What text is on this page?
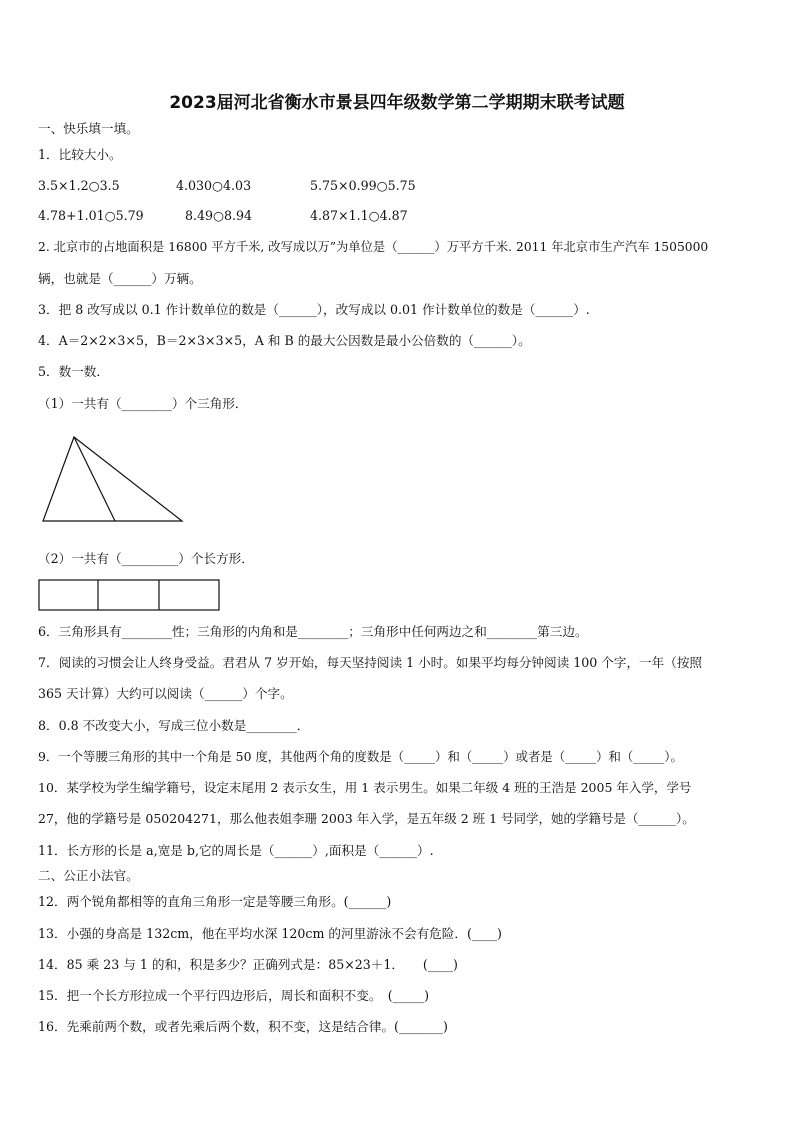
2023届河北省衡水市景县四年级数学第二学期期末联考试题
一、快乐填一填。
1．比较大小。
3.5×1.2○3.5	4.030○4.03	5.75×0.99○5.75
4.78+1.01○5.79	8.49○8.94	4.87×1.1○4.87
2. 北京市的占地面积是 16800 平方千米, 改写成以万”为单位是（______）万平方千米. 2011 年北京市生产汽车 1505000
辆，也就是（______）万辆。
3．把 8 改写成以 0.1 作计数单位的数是（______），改写成以 0.01 作计数单位的数是（______）.
4．A＝2×2×3×5，B＝2×3×3×5，A 和 B 的最大公因数是最小公倍数的（______）。
5．数一数．
（1）一共有（________）个三角形．
（2）一共有（_________）个长方形．
6．三角形具有________性；三角形的内角和是________；三角形中任何两边之和________第三边。
7．阅读的习惯会让人终身受益。君君从 7 岁开始，每天坚持阅读 1 小时。如果平均每分钟阅读 100 个字，一年（按照
365 天计算）大约可以阅读（______）个字。
8．0.8 不改变大小，写成三位小数是________．
9．一个等腰三角形的其中一个角是 50 度，其他两个角的度数是（_____）和（_____）或者是（_____）和（_____）。
10．某学校为学生编学籍号，设定末尾用 2 表示女生，用 1 表示男生。如果二年级 4 班的王浩是 2005 年入学，学号
27，他的学籍号是 050204271，那么他表姐李珊 2003 年入学，是五年级 2 班 1 号同学，她的学籍号是（______）。
11．长方形的长是 a,宽是 b,它的周长是（______）,面积是（______）.
二、公正小法官。
12．两个锐角都相等的直角三角形一定是等腰三角形。(______)
13．小强的身高是 132cm，他在平均水深 120cm 的河里游泳不会有危险．(____)
14．85 乘 23 与 1 的和，积是多少？正确列式是：85×23＋1．　　(____)
15．把一个长方形拉成一个平行四边形后，周长和面积不变。　(_____)
16．先乘前两个数，或者先乘后两个数，积不变，这是结合律。(_______)
